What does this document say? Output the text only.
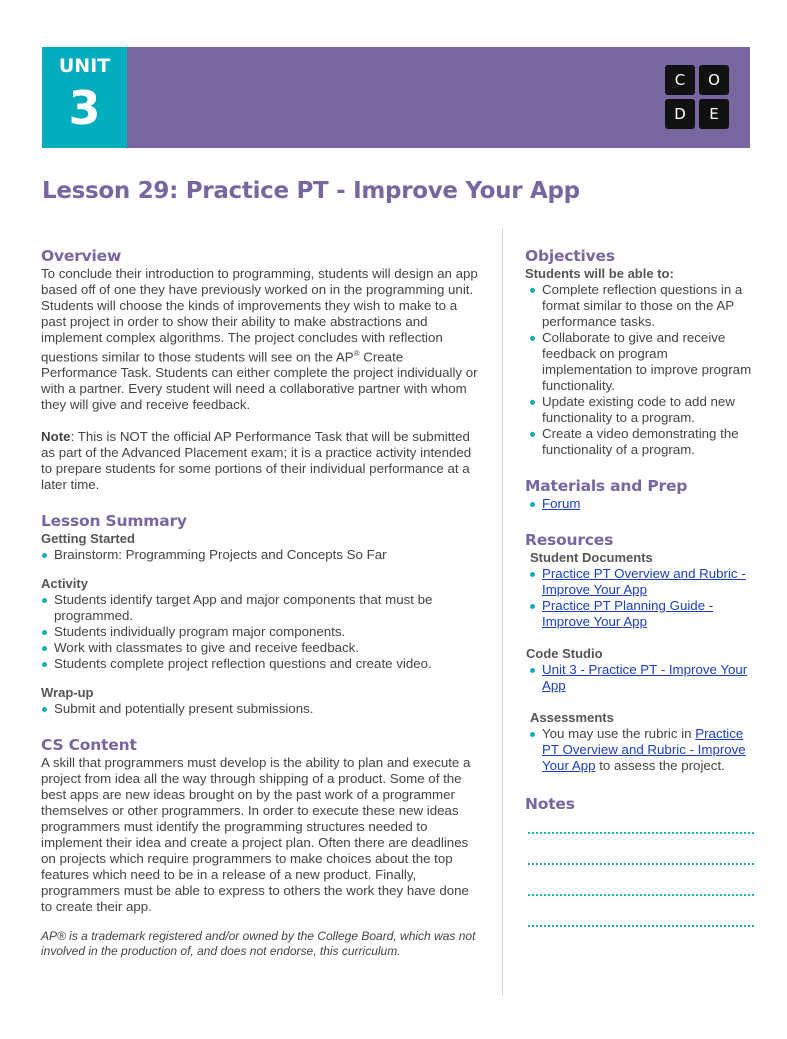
UNIT
3
C	O
D	E
Lesson 29: Practice PT - Improve Your App
Overview

To conclude their introduction to programming, students will design an app based off of one they have previously worked on in the programming unit. Students will choose the kinds of improvements they wish to make to a past project in order to show their ability to make abstractions and implement complex algorithms. The project concludes with reflection questions similar to those students will see on the AP® Create Performance Task. Students can either complete the project individually or with a partner. Every student will need a collaborative partner with whom they will give and receive feedback.

Note: This is NOT the official AP Performance Task that will be submitted as part of the Advanced Placement exam; it is a practice activity intended to prepare students for some portions of their individual performance at a later time.

Lesson Summary
Getting Started
Brainstorm: Programming Projects and Concepts So Far
Activity
Students identify target App and major components that must be programmed.
Students individually program major components.
Work with classmates to give and receive feedback.
Students complete project reflection questions and create video.
Wrap-up
Submit and potentially present submissions.
CS Content

A skill that programmers must develop is the ability to plan and execute a project from idea all the way through shipping of a product. Some of the best apps are new ideas brought on by the past work of a programmer themselves or other programmers. In order to execute these new ideas programmers must identify the programming structures needed to implement their idea and create a project plan. Often there are deadlines on projects which require programmers to make choices about the top features which need to be in a release of a new product. Finally, programmers must be able to express to others the work they have done to create their app.

AP® is a trademark registered and/or owned by the College Board, which was not involved in the production of, and does not endorse, this curriculum.

Objectives
Students will be able to:
Complete reflection questions in a format similar to those on the AP performance tasks.
Collaborate to give and receive feedback on program implementation to improve program functionality.
Update existing code to add new functionality to a program.
Create a video demonstrating the functionality of a program.
Materials and Prep
Forum
Resources
Student Documents
Practice PT Overview and Rubric - Improve Your App
Practice PT Planning Guide - Improve Your App
Code Studio
Unit 3 - Practice PT - Improve Your App
Assessments
You may use the rubric in Practice PT Overview and Rubric - Improve Your App to assess the project.
Notes
